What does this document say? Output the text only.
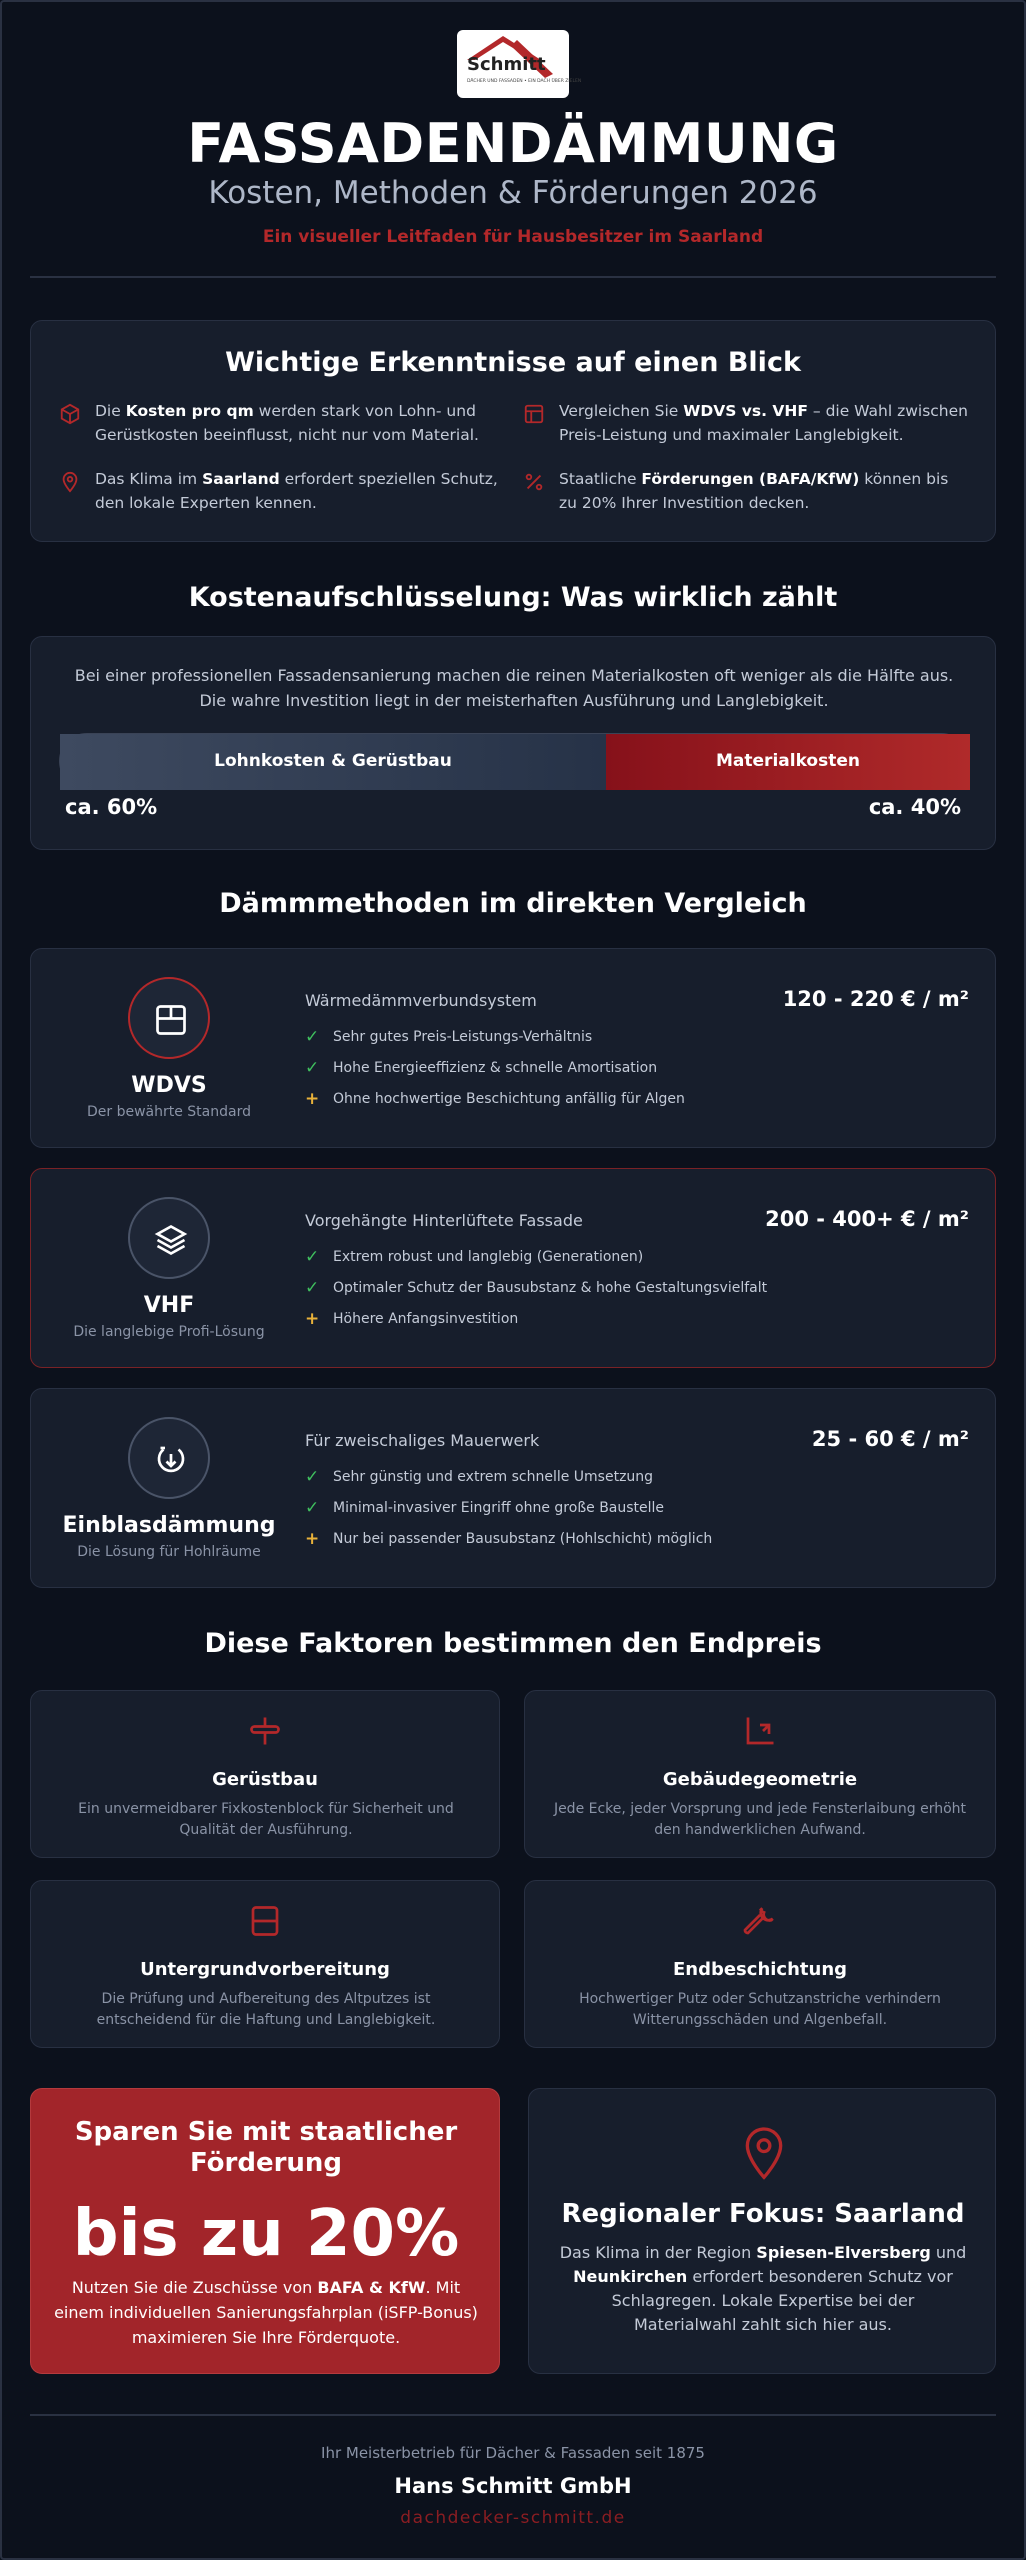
Schmitt
DÄCHER UND FASSADEN • EIN DACH ÜBER ZIELEN
FASSADENDÄMMUNG
Kosten, Methoden & Förderungen 2026
Ein visueller Leitfaden für Hausbesitzer im Saarland
Wichtige Erkenntnisse auf einen Blick
Die Kosten pro qm werden stark von Lohn- und Gerüstkosten beeinflusst, nicht nur vom Material.
Vergleichen Sie WDVS vs. VHF – die Wahl zwischen Preis-Leistung und maximaler Langlebigkeit.
Das Klima im Saarland erfordert speziellen Schutz, den lokale Experten kennen.
Staatliche Förderungen (BAFA/KfW) können bis zu 20% Ihrer Investition decken.
Kostenaufschlüsselung: Was wirklich zählt
Bei einer professionellen Fassadensanierung machen die reinen Materialkosten oft weniger als die Hälfte aus. Die wahre Investition liegt in der meisterhaften Ausführung und Langlebigkeit.
Lohnkosten & Gerüstbau	Materialkosten
ca. 60%	ca. 40%
Dämmmethoden im direkten Vergleich
WDVS
Der bewährte Standard
Wärmedämmverbundsystem	120 - 220 € / m²
✓ Sehr gutes Preis-Leistungs-Verhältnis
✓ Hohe Energieeffizienz & schnelle Amortisation
+ Ohne hochwertige Beschichtung anfällig für Algen
VHF
Die langlebige Profi-Lösung
Vorgehängte Hinterlüftete Fassade	200 - 400+ € / m²
✓ Extrem robust und langlebig (Generationen)
✓ Optimaler Schutz der Bausubstanz & hohe Gestaltungsvielfalt
+ Höhere Anfangsinvestition
Einblasdämmung
Die Lösung für Hohlräume
Für zweischaliges Mauerwerk	25 - 60 € / m²
✓ Sehr günstig und extrem schnelle Umsetzung
✓ Minimal-invasiver Eingriff ohne große Baustelle
+ Nur bei passender Bausubstanz (Hohlschicht) möglich
Diese Faktoren bestimmen den Endpreis
Gerüstbau
Ein unvermeidbarer Fixkostenblock für Sicherheit und Qualität der Ausführung.
Gebäudegeometrie
Jede Ecke, jeder Vorsprung und jede Fensterlaibung erhöht den handwerklichen Aufwand.
Untergrundvorbereitung
Die Prüfung und Aufbereitung des Altputzes ist entscheidend für die Haftung und Langlebigkeit.
Endbeschichtung
Hochwertiger Putz oder Schutzanstriche verhindern Witterungsschäden und Algenbefall.
Sparen Sie mit staatlicher Förderung
bis zu 20%
Nutzen Sie die Zuschüsse von BAFA & KfW. Mit einem individuellen Sanierungsfahrplan (iSFP-Bonus) maximieren Sie Ihre Förderquote.
Regionaler Fokus: Saarland
Das Klima in der Region Spiesen-Elversberg und Neunkirchen erfordert besonderen Schutz vor Schlagregen. Lokale Expertise bei der Materialwahl zahlt sich hier aus.
Ihr Meisterbetrieb für Dächer & Fassaden seit 1875
Hans Schmitt GmbH
dachdecker-schmitt.de
